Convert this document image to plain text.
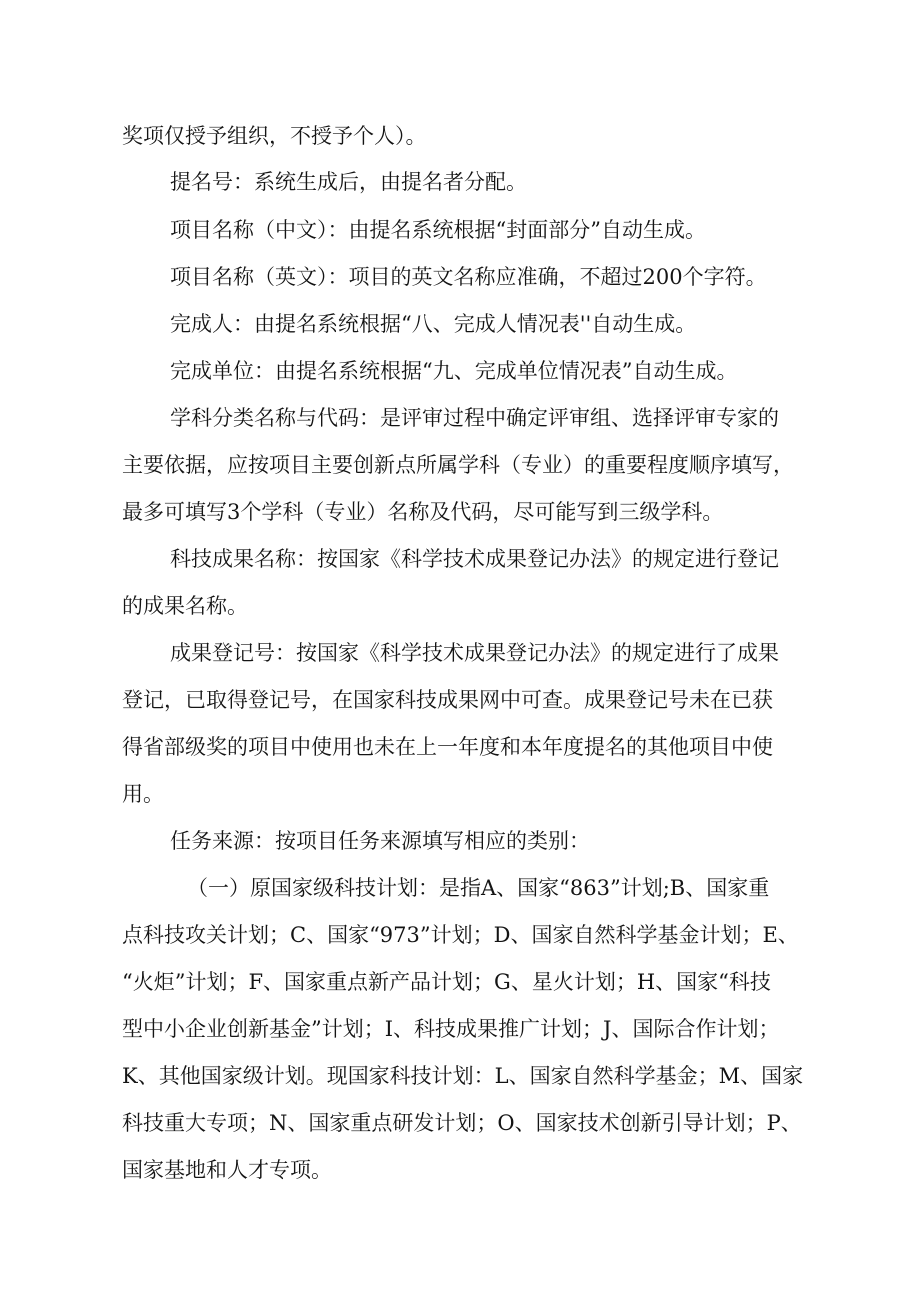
奖项仅授予组织，不授予个人）。
提名号：系统生成后，由提名者分配。
项目名称（中文）：由提名系统根据“封面部分”自动生成。
项目名称（英文）：项目的英文名称应准确，不超过200个字符。
完成人：由提名系统根据“八、完成人情况表''自动生成。
完成单位：由提名系统根据“九、完成单位情况表”自动生成。
学科分类名称与代码：是评审过程中确定评审组、选择评审专家的
主要依据，应按项目主要创新点所属学科（专业）的重要程度顺序填写，
最多可填写3个学科（专业）名称及代码，尽可能写到三级学科。
科技成果名称：按国家《科学技术成果登记办法》的规定进行登记
的成果名称。
成果登记号：按国家《科学技术成果登记办法》的规定进行了成果
登记，已取得登记号，在国家科技成果网中可查。成果登记号未在已获
得省部级奖的项目中使用也未在上一年度和本年度提名的其他项目中使
用。
任务来源：按项目任务来源填写相应的类别：
（一）原国家级科技计划：是指A、国家“863”计划;B、国家重
点科技攻关计划；C、国家“973”计划；D、国家自然科学基金计划；E、
“火炬”计划；F、国家重点新产品计划；G、星火计划；H、国家“科技
型中小企业创新基金”计划；I、科技成果推广计划；J、国际合作计划；
K、其他国家级计划。现国家科技计划：L、国家自然科学基金；M、国家
科技重大专项；N、国家重点研发计划；O、国家技术创新引导计划；P、
国家基地和人才专项。
